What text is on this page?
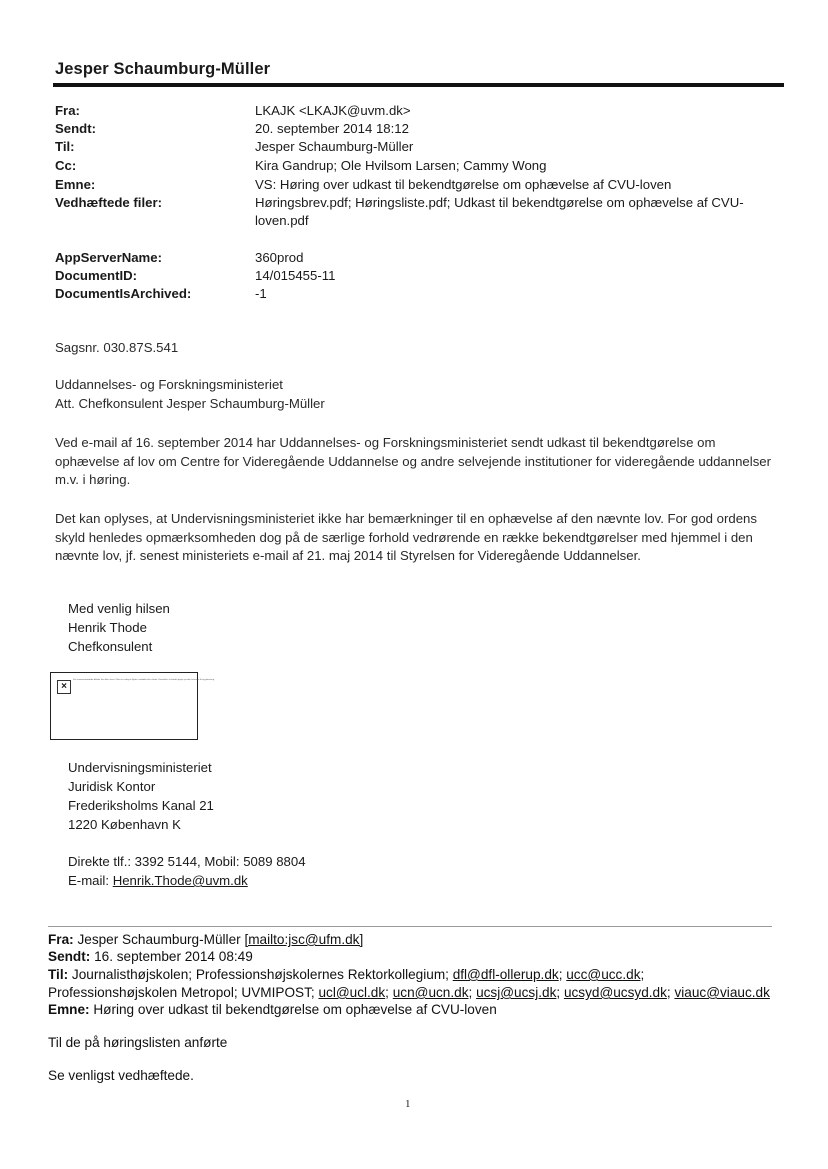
Jesper Schaumburg-Müller
Fra:	LKAJK <LKAJK@uvm.dk>
Sendt:	20. september 2014 18:12
Til:	Jesper Schaumburg-Müller
Cc:	Kira Gandrup; Ole Hvilsom Larsen; Cammy Wong
Emne:	VS: Høring over udkast til bekendtgørelse om ophævelse af CVU-loven
Vedhæftede filer:	Høringsbrev.pdf; Høringsliste.pdf; Udkast til bekendtgørelse om ophævelse af CVU-loven.pdf
AppServerName:	360prod
DocumentID:	14/015455-11
DocumentIsArchived:	-1
Sagsnr. 030.87S.541
Uddannelses- og Forskningsministeriet
Att. Chefkonsulent Jesper Schaumburg-Müller
Ved e-mail af 16. september 2014 har Uddannelses- og Forskningsministeriet sendt udkast til bekendtgørelse om ophævelse af lov om Centre for Videregående Uddannelse og andre selvejende institutioner for videregående uddannelser m.v. i høring.
Det kan oplyses, at Undervisningsministeriet ikke har bemærkninger til en ophævelse af den nævnte lov. For god ordens skyld henledes opmærksomheden dog på de særlige forhold vedrørende en række bekendtgørelser med hjemmel i den nævnte lov, jf. senest ministeriets e-mail af 21. maj 2014 til Styrelsen for Videregående Uddannelser.
Med venlig hilsen
Henrik Thode
Chefkonsulent
×
Det sammenkædede billede kan ikke vises. Filen er muligvis flyttet, omdøbt eller slettet. Kontroller, at kædet peger på den korrekte fil og placering.
Undervisningsministeriet
Juridisk Kontor
Frederiksholms Kanal 21
1220 København K
Direkte tlf.: 3392 5144, Mobil: 5089 8804
E-mail: Henrik.Thode@uvm.dk
Fra: Jesper Schaumburg-Müller [mailto:jsc@ufm.dk]
Sendt: 16. september 2014 08:49
Til: Journalisthøjskolen; Professionshøjskolernes Rektorkollegium; dfl@dfl-ollerup.dk; ucc@ucc.dk;
Professionshøjskolen Metropol; UVMIPOST; ucl@ucl.dk; ucn@ucn.dk; ucsj@ucsj.dk; ucsyd@ucsyd.dk; viauc@viauc.dk
Emne: Høring over udkast til bekendtgørelse om ophævelse af CVU-loven
Til de på høringslisten anførte
Se venligst vedhæftede.
1
